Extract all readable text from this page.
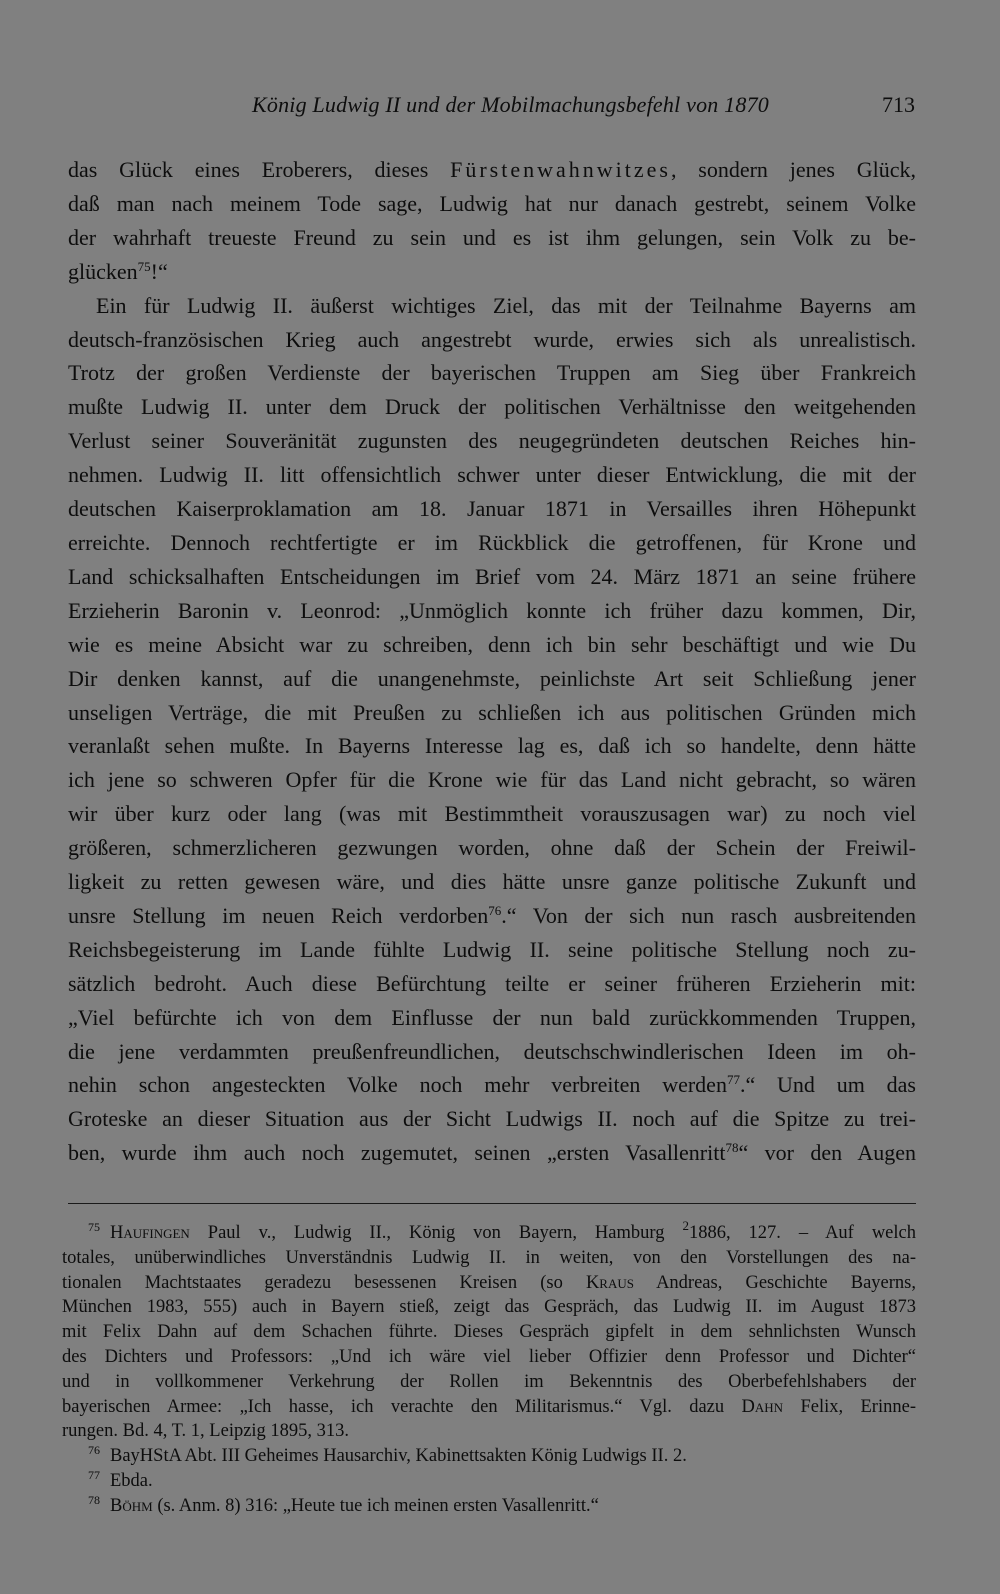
König Ludwig II und der Mobilmachungsbefehl von 1870	713
das Glück eines Eroberers, dieses Fürstenwahnwitzes, sondern jenes Glück,
daß man nach meinem Tode sage, Ludwig hat nur danach gestrebt, seinem Volke
der wahrhaft treueste Freund zu sein und es ist ihm gelungen, sein Volk zu be-
glücken$^{75}$!“
Ein für Ludwig II. äußerst wichtiges Ziel, das mit der Teilnahme Bayerns am
deutsch-französischen Krieg auch angestrebt wurde, erwies sich als unrealistisch.
Trotz der großen Verdienste der bayerischen Truppen am Sieg über Frankreich
mußte Ludwig II. unter dem Druck der politischen Verhältnisse den weitgehenden
Verlust seiner Souveränität zugunsten des neugegründeten deutschen Reiches hin-
nehmen. Ludwig II. litt offensichtlich schwer unter dieser Entwicklung, die mit der
deutschen Kaiserproklamation am 18. Januar 1871 in Versailles ihren Höhepunkt
erreichte. Dennoch rechtfertigte er im Rückblick die getroffenen, für Krone und
Land schicksalhaften Entscheidungen im Brief vom 24. März 1871 an seine frühere
Erzieherin Baronin v. Leonrod: „Unmöglich konnte ich früher dazu kommen, Dir,
wie es meine Absicht war zu schreiben, denn ich bin sehr beschäftigt und wie Du
Dir denken kannst, auf die unangenehmste, peinlichste Art seit Schließung jener
unseligen Verträge, die mit Preußen zu schließen ich aus politischen Gründen mich
veranlaßt sehen mußte. In Bayerns Interesse lag es, daß ich so handelte, denn hätte
ich jene so schweren Opfer für die Krone wie für das Land nicht gebracht, so wären
wir über kurz oder lang (was mit Bestimmtheit vorauszusagen war) zu noch viel
größeren, schmerzlicheren gezwungen worden, ohne daß der Schein der Freiwil-
ligkeit zu retten gewesen wäre, und dies hätte unsre ganze politische Zukunft und
unsre Stellung im neuen Reich verdorben$^{76}$.“ Von der sich nun rasch ausbreitenden
Reichsbegeisterung im Lande fühlte Ludwig II. seine politische Stellung noch zu-
sätzlich bedroht. Auch diese Befürchtung teilte er seiner früheren Erzieherin mit:
„Viel befürchte ich von dem Einflusse der nun bald zurückkommenden Truppen,
die jene verdammten preußenfreundlichen, deutschschwindlerischen Ideen im oh-
nehin schon angesteckten Volke noch mehr verbreiten werden$^{77}$.“ Und um das
Groteske an dieser Situation aus der Sicht Ludwigs II. noch auf die Spitze zu trei-
ben, wurde ihm auch noch zugemutet, seinen „ersten Vasallenritt$^{78}$“ vor den Augen
75 Haufingen Paul v., Ludwig II., König von Bayern, Hamburg $^2$1886, 127. – Auf welch
totales, unüberwindliches Unverständnis Ludwig II. in weiten, von den Vorstellungen des na-
tionalen Machtstaates geradezu besessenen Kreisen (so Kraus Andreas, Geschichte Bayerns,
München 1983, 555) auch in Bayern stieß, zeigt das Gespräch, das Ludwig II. im August 1873
mit Felix Dahn auf dem Schachen führte. Dieses Gespräch gipfelt in dem sehnlichsten Wunsch
des Dichters und Professors: „Und ich wäre viel lieber Offizier denn Professor und Dichter“
und in vollkommener Verkehrung der Rollen im Bekenntnis des Oberbefehlshabers der
bayerischen Armee: „Ich hasse, ich verachte den Militarismus.“ Vgl. dazu Dahn Felix, Erinne-
rungen. Bd. 4, T. 1, Leipzig 1895, 313.
76 BayHStA Abt. III Geheimes Hausarchiv, Kabinettsakten König Ludwigs II. 2.
77 Ebda.
78 Böhm (s. Anm. 8) 316: „Heute tue ich meinen ersten Vasallenritt.“
